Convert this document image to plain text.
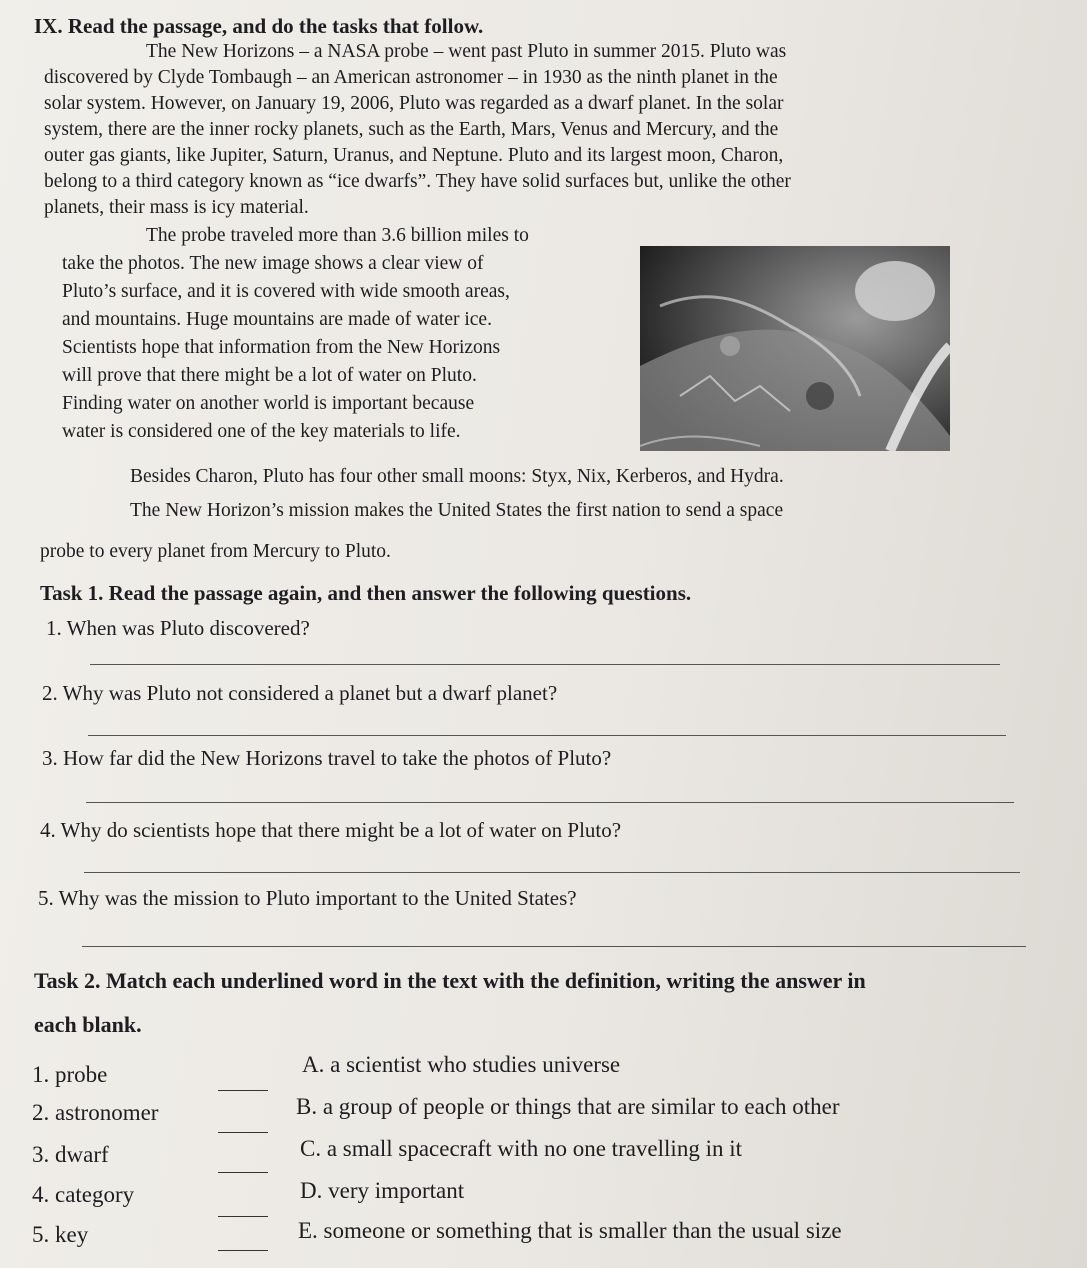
IX. Read the passage, and do the tasks that follow.
The New Horizons – a NASA probe – went past Pluto in summer 2015. Pluto was
discovered by Clyde Tombaugh – an American astronomer – in 1930 as the ninth planet in the
solar system. However, on January 19, 2006, Pluto was regarded as a dwarf planet. In the solar
system, there are the inner rocky planets, such as the Earth, Mars, Venus and Mercury, and the
outer gas giants, like Jupiter, Saturn, Uranus, and Neptune. Pluto and its largest moon, Charon,
belong to a third category known as “ice dwarfs”. They have solid surfaces but, unlike the other
planets, their mass is icy material.
The probe traveled more than 3.6 billion miles to
take the photos. The new image shows a clear view of
Pluto’s surface, and it is covered with wide smooth areas,
and mountains. Huge mountains are made of water ice.
Scientists hope that information from the New Horizons
will prove that there might be a lot of water on Pluto.
Finding water on another world is important because
water is considered one of the key materials to life.
Besides Charon, Pluto has four other small moons: Styx, Nix, Kerberos, and Hydra.
The New Horizon’s mission makes the United States the first nation to send a space
probe to every planet from Mercury to Pluto.
Task 1. Read the passage again, and then answer the following questions.
1. When was Pluto discovered?
2. Why was Pluto not considered a planet but a dwarf planet?
3. How far did the New Horizons travel to take the photos of Pluto?
4. Why do scientists hope that there might be a lot of water on Pluto?
5. Why was the mission to Pluto important to the United States?
Task 2. Match each underlined word in the text with the definition, writing the answer in
each blank.
1. probe	A. a scientist who studies universe
2. astronomer	B. a group of people or things that are similar to each other
3. dwarf	C. a small spacecraft with no one travelling in it
4. category	D. very important
5. key	E. someone or something that is smaller than the usual size
